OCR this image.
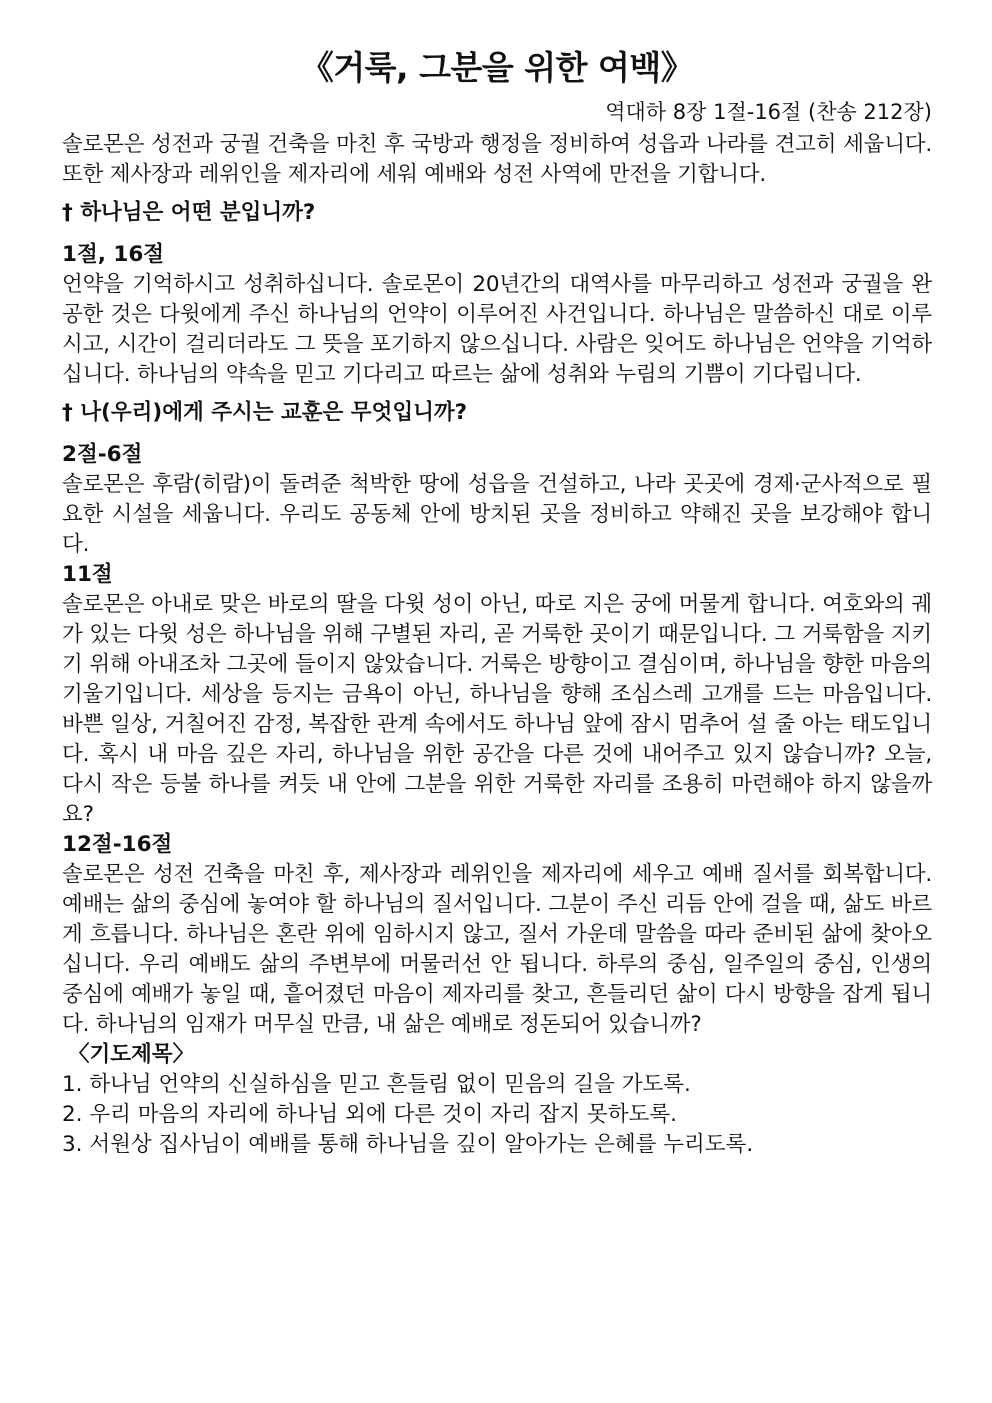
《거룩, 그분을 위한 여백》

역대하 8장 1절-16절 (찬송 212장)

솔로몬은 성전과 궁궐 건축을 마친 후 국방과 행정을 정비하여 성읍과 나라를 견고히 세웁니다. 또한 제사장과 레위인을 제자리에 세워 예배와 성전 사역에 만전을 기합니다.

† 하나님은 어떤 분입니까?
1절, 16절

언약을 기억하시고 성취하십니다. 솔로몬이 20년간의 대역사를 마무리하고 성전과 궁궐을 완공한 것은 다윗에게 주신 하나님의 언약이 이루어진 사건입니다. 하나님은 말씀하신 대로 이루시고, 시간이 걸리더라도 그 뜻을 포기하지 않으십니다. 사람은 잊어도 하나님은 언약을 기억하십니다. 하나님의 약속을 믿고 기다리고 따르는 삶에 성취와 누림의 기쁨이 기다립니다.

† 나(우리)에게 주시는 교훈은 무엇입니까?
2절-6절

솔로몬은 후람(히람)이 돌려준 척박한 땅에 성읍을 건설하고, 나라 곳곳에 경제·군사적으로 필요한 시설을 세웁니다. 우리도 공동체 안에 방치된 곳을 정비하고 약해진 곳을 보강해야 합니다.

11절

솔로몬은 아내로 맞은 바로의 딸을 다윗 성이 아닌, 따로 지은 궁에 머물게 합니다. 여호와의 궤가 있는 다윗 성은 하나님을 위해 구별된 자리, 곧 거룩한 곳이기 때문입니다. 그 거룩함을 지키기 위해 아내조차 그곳에 들이지 않았습니다. 거룩은 방향이고 결심이며, 하나님을 향한 마음의 기울기입니다. 세상을 등지는 금욕이 아닌, 하나님을 향해 조심스레 고개를 드는 마음입니다. 바쁜 일상, 거칠어진 감정, 복잡한 관계 속에서도 하나님 앞에 잠시 멈추어 설 줄 아는 태도입니다. 혹시 내 마음 깊은 자리, 하나님을 위한 공간을 다른 것에 내어주고 있지 않습니까? 오늘, 다시 작은 등불 하나를 켜듯 내 안에 그분을 위한 거룩한 자리를 조용히 마련해야 하지 않을까요?

12절-16절

솔로몬은 성전 건축을 마친 후, 제사장과 레위인을 제자리에 세우고 예배 질서를 회복합니다. 예배는 삶의 중심에 놓여야 할 하나님의 질서입니다. 그분이 주신 리듬 안에 걸을 때, 삶도 바르게 흐릅니다. 하나님은 혼란 위에 임하시지 않고, 질서 가운데 말씀을 따라 준비된 삶에 찾아오십니다. 우리 예배도 삶의 주변부에 머물러선 안 됩니다. 하루의 중심, 일주일의 중심, 인생의 중심에 예배가 놓일 때, 흩어졌던 마음이 제자리를 찾고, 흔들리던 삶이 다시 방향을 잡게 됩니다. 하나님의 임재가 머무실 만큼, 내 삶은 예배로 정돈되어 있습니까?

〈기도제목〉
1. 하나님 언약의 신실하심을 믿고 흔들림 없이 믿음의 길을 가도록.
2. 우리 마음의 자리에 하나님 외에 다른 것이 자리 잡지 못하도록.
3. 서원상 집사님이 예배를 통해 하나님을 깊이 알아가는 은혜를 누리도록.
